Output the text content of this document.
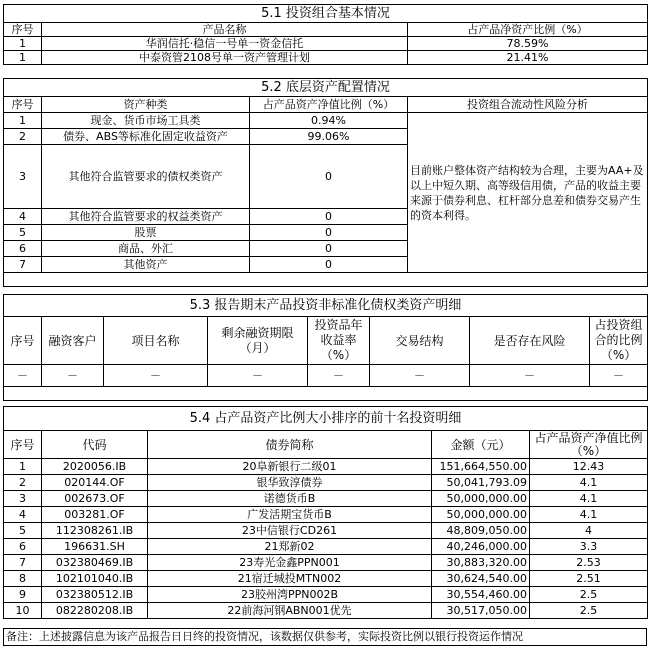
5.1 投资组合基本情况		
序号	产品名称	占产品净资产比例（%）
1	华润信托·稳信一号单一资金信托	78.59%
1	中泰资管2108号单一资产管理计划	21.41%
5.2 底层资产配置情况			
序号	资产种类	占产品资产净值比例（%）	投资组合流动性风险分析
1	现金、货币市场工具类	0.94%	目前账户整体资产结构较为合理，主要为AA+及以上中短久期、高等级信用债，产品的收益主要来源于债券利息、杠杆部分息差和债券交易产生的资本利得。
2	债券、ABS等标准化固定收益资产	99.06%	
3	其他符合监管要求的债权类资产	0	
4	其他符合监管要求的权益类资产	0	
5	股票	0	
6	商品、外汇	0	
7	其他资产	0	

5.3 报告期末产品投资非标准化债权类资产明细							
序号	融资客户	项目名称	剩余融资期限（月）	投资品年收益率（%）	交易结构	是否存在风险	占投资组合的比例（%）
－	－	－	－	－	－	－	－

5.4 占产品资产比例大小排序的前十名投资明细				
序号	代码	债券简称	金额（元）	占产品资产净值比例（%）
1	2020056.IB	20阜新银行二级01	151,664,550.00	12.43
2	020144.OF	银华致淳债券	50,041,793.09	4.1
3	002673.OF	诺德货币B	50,000,000.00	4.1
4	003281.OF	广发活期宝货币B	50,000,000.00	4.1
5	112308261.IB	23中信银行CD261	48,809,050.00	4
6	196631.SH	21郑新02	40,246,000.00	3.3
7	032380469.IB	23寿光金鑫PPN001	30,883,320.00	2.53
8	102101040.IB	21宿迁城投MTN002	30,624,540.00	2.51
9	032380512.IB	23胶州湾PPN002B	30,554,460.00	2.5
10	082280208.IB	22前海河钢ABN001优先	30,517,050.00	2.5
备注：上述披露信息为该产品报告日日终的投资情况，该数据仅供参考，实际投资比例以银行投资运作情况
